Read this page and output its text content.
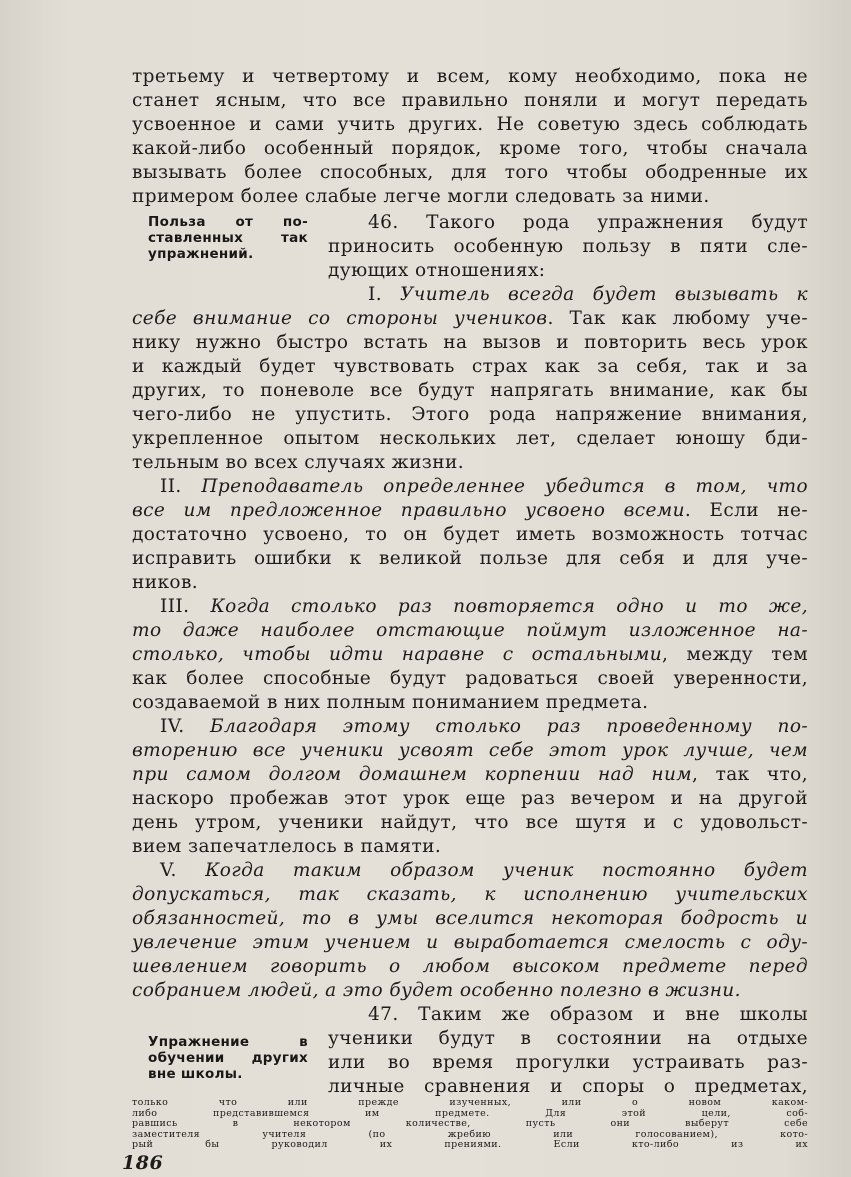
третьему и четвертому и всем, кому необходимо, пока не
станет ясным, что все правильно поняли и могут передать
усвоенное и сами учить других. Не советую здесь соблюдать
какой-либо особенный порядок, кроме того, чтобы сначала
вызывать более способных, для того чтобы ободренные их
примером более слабые легче могли следовать за ними.
Польза от по-
ставленных так
упражнений.
46. Такого рода упражнения будут
приносить особенную пользу в пяти сле-
дующих отношениях:
I. Учитель всегда будет вызывать к
себе внимание со стороны учеников. Так как любому уче-
нику нужно быстро встать на вызов и повторить весь урок
и каждый будет чувствовать страх как за себя, так и за
других, то поневоле все будут напрягать внимание, как бы
чего-либо не упустить. Этого рода напряжение внимания,
укрепленное опытом нескольких лет, сделает юношу бди-
тельным во всех случаях жизни.
II. Преподаватель определеннее убедится в том, что
все им предложенное правильно усвоено всеми. Если не-
достаточно усвоено, то он будет иметь возможность тотчас
исправить ошибки к великой пользе для себя и для уче-
ников.
III. Когда столько раз повторяется одно и то же,
то даже наиболее отстающие поймут изложенное на-
столько, чтобы идти наравне с остальными, между тем
как более способные будут радоваться своей уверенности,
создаваемой в них полным пониманием предмета.
IV. Благодаря этому столько раз проведенному по-
вторению все ученики усвоят себе этот урок лучше, чем
при самом долгом домашнем корпении над ним, так что,
наскоро пробежав этот урок еще раз вечером и на другой
день утром, ученики найдут, что все шутя и с удовольст-
вием запечатлелось в памяти.
V. Когда таким образом ученик постоянно будет
допускаться, так сказать, к исполнению учительских
обязанностей, то в умы вселится некоторая бодрость и
увлечение этим учением и выработается смелость с оду-
шевлением говорить о любом высоком предмете перед
собранием людей, а это будет особенно полезно в жизни.
Упражнение в
обучении других
вне школы.
47. Таким же образом и вне школы
ученики будут в состоянии на отдыхе
или во время прогулки устраивать раз-
личные сравнения и споры о предметах,
только что или прежде изученных, или о новом каком-
либо представившемся им предмете. Для этой цели, соб-
равшись в некотором количестве, пусть они выберут себе
заместителя учителя (по жребию или голосованием), кото-
рый бы руководил их прениями. Если кто-либо из их
186
